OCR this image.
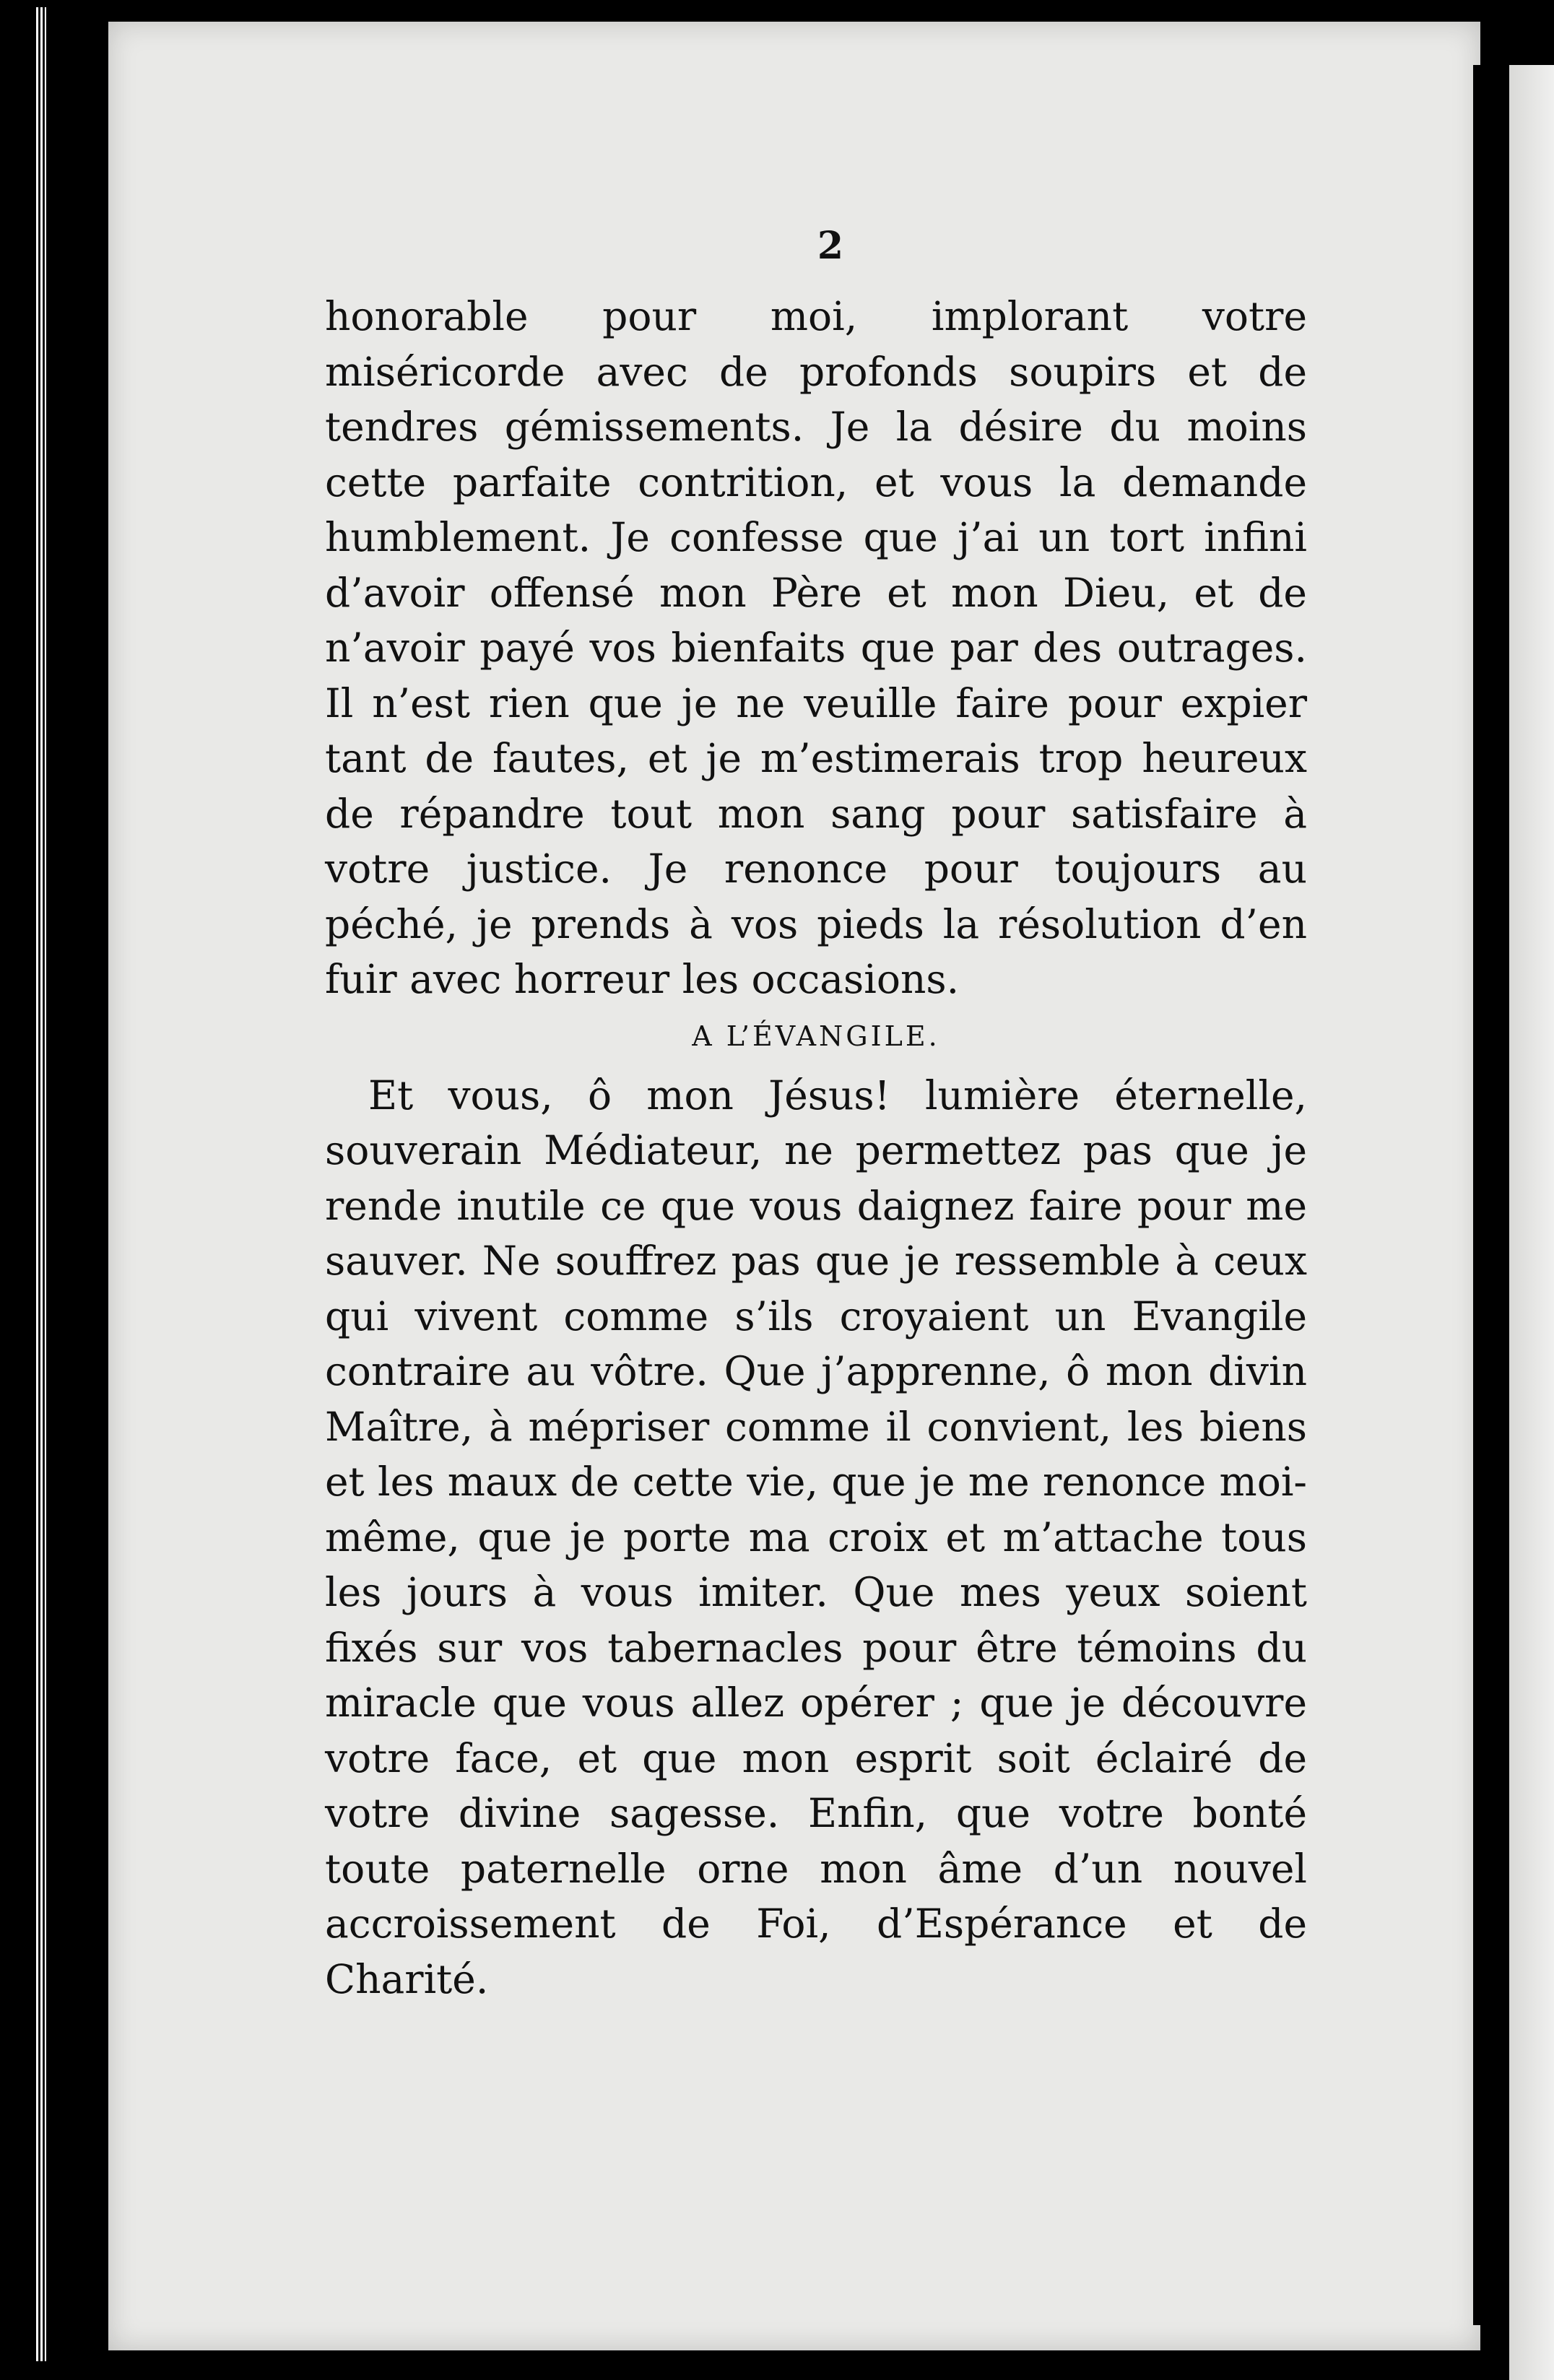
2

honorable pour moi, implorant votre miséricorde avec de profonds soupirs et de tendres gémissements. Je la désire du moins cette parfaite contrition, et vous la demande humblement. Je confesse que j’ai un tort infini d’avoir offensé mon Père et mon Dieu, et de n’avoir payé vos bienfaits que par des outrages. Il n’est rien que je ne veuille faire pour expier tant de fautes, et je m’estimerais trop heureux de répandre tout mon sang pour satisfaire à votre justice. Je renonce pour toujours au péché, je prends à vos pieds la résolution d’en fuir avec horreur les occasions.

A L’ÉVANGILE.

Et vous, ô mon Jésus! lumière éternelle, souverain Médiateur, ne permettez pas que je rende inutile ce que vous daignez faire pour me sauver. Ne souffrez pas que je ressemble à ceux qui vivent comme s’ils croyaient un Evangile contraire au vôtre. Que j’apprenne, ô mon divin Maître, à mépriser comme il convient, les biens et les maux de cette vie, que je me renonce moi-même, que je porte ma croix et m’attache tous les jours à vous imiter. Que mes yeux soient fixés sur vos tabernacles pour être témoins du miracle que vous allez opérer ; que je découvre votre face, et que mon esprit soit éclairé de votre divine sagesse. Enfin, que votre bonté toute paternelle orne mon âme d’un nouvel accroissement de Foi, d’Espérance et de Charité.
